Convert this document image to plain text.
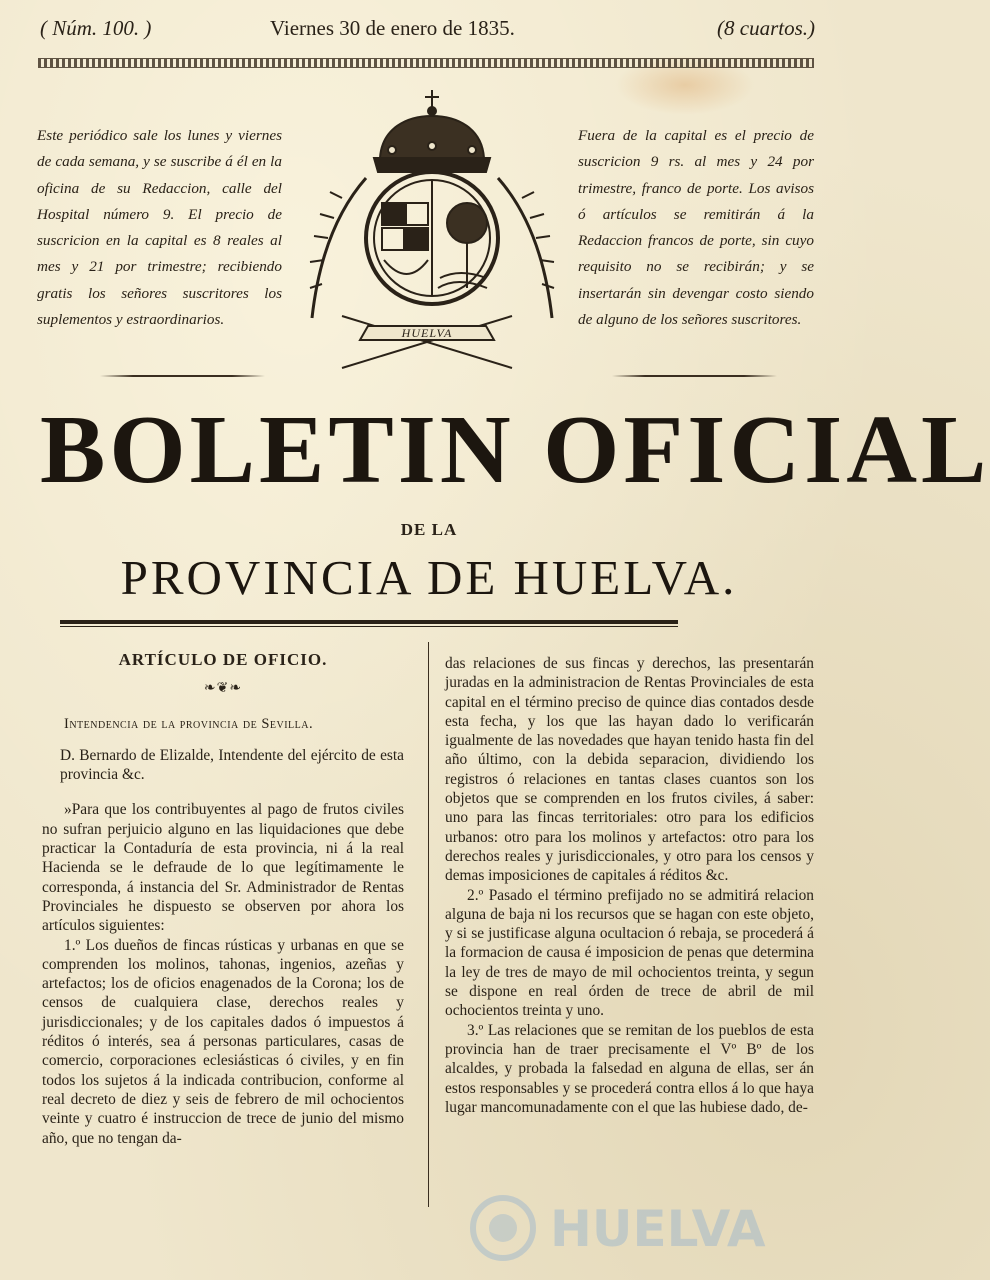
( Núm. 100. )	Viernes 30 de enero de 1835.	(8 cuartos.)
Este periódico sale los lunes y viernes de cada semana, y se suscribe á él en la oficina de su Redaccion, calle del Hospital número 9. El precio de suscricion en la capital es 8 reales al mes y 21 por trimestre; recibiendo gratis los señores suscritores los suplementos y estraordinarios.
Fuera de la capital es el precio de suscricion 9 rs. al mes y 24 por trimestre, franco de porte. Los avisos ó artículos se remitirán á la Redaccion francos de porte, sin cuyo requisito no se recibirán; y se insertarán sin devengar costo siendo de alguno de los señores suscritores.
HUELVA
BOLETIN OFICIAL
DE LA
PROVINCIA DE HUELVA.

ARTÍCULO DE OFICIO.

❧❦❧

Intendencia de la provincia de Sevilla.

D. Bernardo de Elizalde, Intendente del ejército de esta provincia &c.

»Para que los contribuyentes al pago de frutos civiles no sufran perjuicio alguno en las liquidaciones que debe practicar la Contaduría de esta provincia, ni á la real Hacienda se le defraude de lo que legítimamente le corresponda, á instancia del Sr. Administrador de Rentas Provinciales he dispuesto se observen por ahora los artículos siguientes:

1.º Los dueños de fincas rústicas y urbanas en que se comprenden los molinos, tahonas, ingenios, azeñas y artefactos; los de oficios enagenados de la Corona; los de censos de cualquiera clase, derechos reales y jurisdiccionales; y de los capitales dados ó impuestos á réditos ó interés, sea á personas particulares, casas de comercio, corporaciones eclesiásticas ó civiles, y en fin todos los sujetos á la indicada contribucion, conforme al real decreto de diez y seis de febrero de mil ochocientos veinte y cuatro é instruccion de trece de junio del mismo año, que no tengan da-

das relaciones de sus fincas y derechos, las presentarán juradas en la administracion de Rentas Provinciales de esta capital en el término preciso de quince dias contados desde esta fecha, y los que las hayan dado lo verificarán igualmente de las novedades que hayan tenido hasta fin del año último, con la debida separacion, dividiendo los registros ó relaciones en tantas clases cuantos son los objetos que se comprenden en los frutos civiles, á saber: uno para las fincas territoriales: otro para los edificios urbanos: otro para los molinos y artefactos: otro para los derechos reales y jurisdiccionales, y otro para los censos y demas imposiciones de capitales á réditos &c.

2.º Pasado el término prefijado no se admitirá relacion alguna de baja ni los recursos que se hagan con este objeto, y si se justificase alguna ocultacion ó rebaja, se procederá á la formacion de causa é imposicion de penas que determina la ley de tres de mayo de mil ochocientos treinta, y segun se dispone en real órden de trece de abril de mil ochocientos treinta y uno.

3.º Las relaciones que se remitan de los pueblos de esta provincia han de traer precisamente el Vº Bº de los alcaldes, y probada la falsedad en alguna de ellas, ser án estos responsables y se procederá contra ellos á lo que haya lugar mancomunadamente con el que las hubiese dado, de-

HUELVA
